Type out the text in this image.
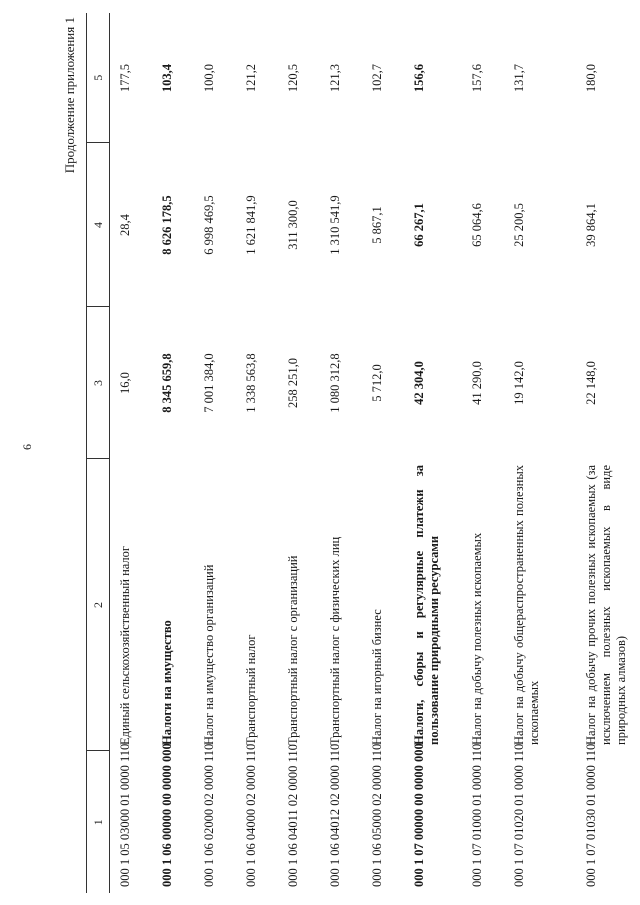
6
Продолжение приложения 1
1	2	3	4	5
000 1 05 03000 01 0000 110	Единый сельскохозяйственный налог	16,0	28,4	177,5
000 1 06 00000 00 0000 000	Налоги на имущество	8 345 659,8	8 626 178,5	103,4
000 1 06 02000 02 0000 110	Налог на имущество организаций	7 001 384,0	6 998 469,5	100,0
000 1 06 04000 02 0000 110	Транспортный налог	1 338 563,8	1 621 841,9	121,2
000 1 06 04011 02 0000 110	Транспортный налог с организаций	258 251,0	311 300,0	120,5
000 1 06 04012 02 0000 110	Транспортный налог с физических лиц	1 080 312,8	1 310 541,9	121,3
000 1 06 05000 02 0000 110	Налог на игорный бизнес	5 712,0	5 867,1	102,7
000 1 07 00000 00 0000 000	Налоги, сборы и регулярные платежи за пользование природными ресурсами	42 304,0	66 267,1	156,6
000 1 07 01000 01 0000 110	Налог на добычу полезных ископаемых	41 290,0	65 064,6	157,6
000 1 07 01020 01 0000 110	Налог на добычу общераспространенных полезных ископаемых	19 142,0	25 200,5	131,7
000 1 07 01030 01 0000 110	Налог на добычу прочих полезных ископаемых (за исключением полезных ископаемых в виде природных алмазов)	22 148,0	39 864,1	180,0
